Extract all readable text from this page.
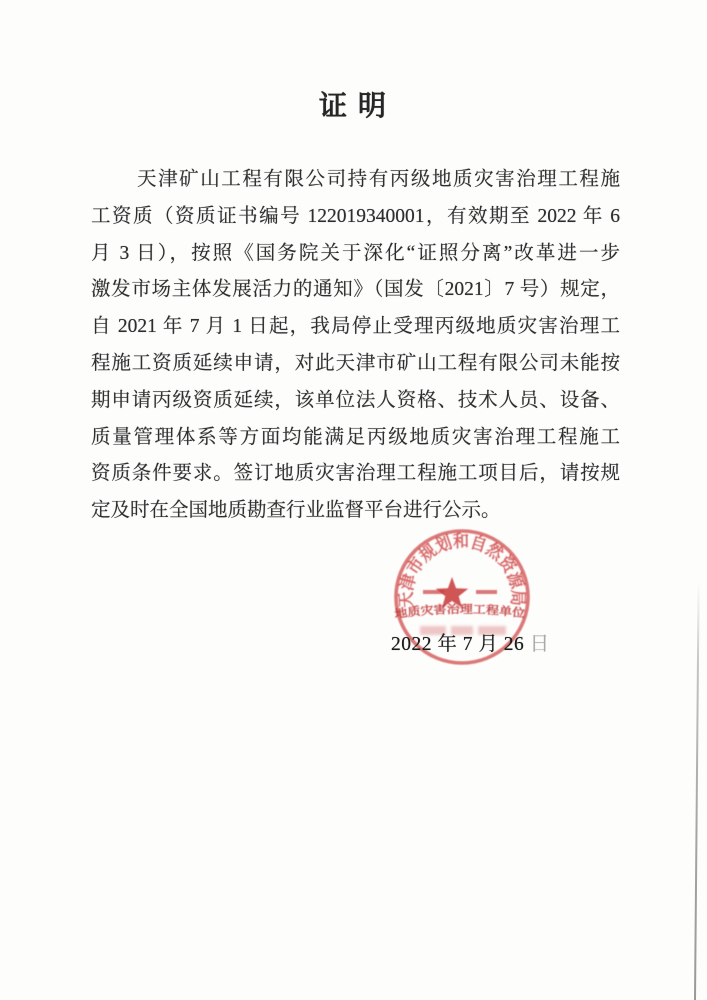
证 明
天津矿山工程有限公司持有丙级地质灾害治理工程施
工资质（资质证书编号 122019340001，有效期至 2022 年 6
月 3 日），按照《国务院关于深化“证照分离”改革进一步
激发市场主体发展活力的通知》（国发〔2021〕7 号）规定，
自 2021 年 7 月 1 日起，我局停止受理丙级地质灾害治理工
程施工资质延续申请，对此天津市矿山工程有限公司未能按
期申请丙级资质延续，该单位法人资格、技术人员、设备、
质量管理体系等方面均能满足丙级地质灾害治理工程施工
资质条件要求。签订地质灾害治理工程施工项目后，请按规
定及时在全国地质勘查行业监督平台进行公示。
天津市规划和自然资源局
地质灾害治理工程单位
2022 年 7 月 26 日
